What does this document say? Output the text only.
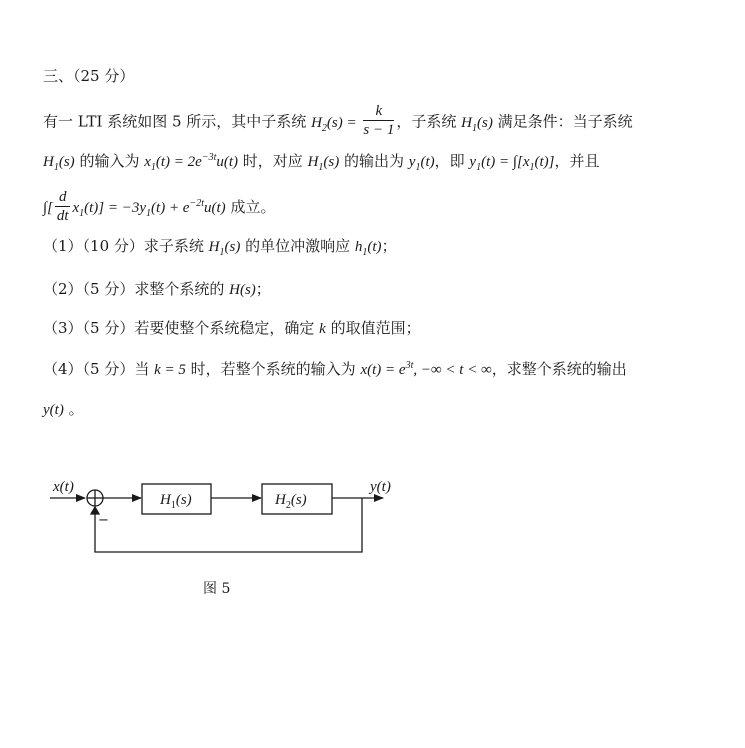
三、（25 分）
有一 LTI 系统如图 5 所示，其中子系统 $H_2(s) = \frac{k}{s - 1}$ ，子系统 $H_1(s)$ 满足条件：当子系统
$H_1(s)$ 的输入为 $x_1(t) = 2e^{-3t}u(t)$ 时，对应 $H_1(s)$ 的输出为 $y_1(t)$，即 $y_1(t) = \int[x_1(t)]$，并且
∫[ $\frac{d}{dt} x_1(t)] = -3y_1(t) + e^{-2t}u(t)$ 成立。
（1）（10 分）求子系统 $H_1(s)$ 的单位冲激响应 $h_1(t)$；
（2）（5 分）求整个系统的 H(s)；
（3）（5 分）若要使整个系统稳定，确定 k 的取值范围；
（4）（5 分）当 k = 5 时，若整个系统的输入为 $x(t) = e^{3t}$, −∞ < t < ∞，求整个系统的输出
y(t) 。
x(t)	y(t)
$H_1(s)$	$H_2(s)$
−
图 5
